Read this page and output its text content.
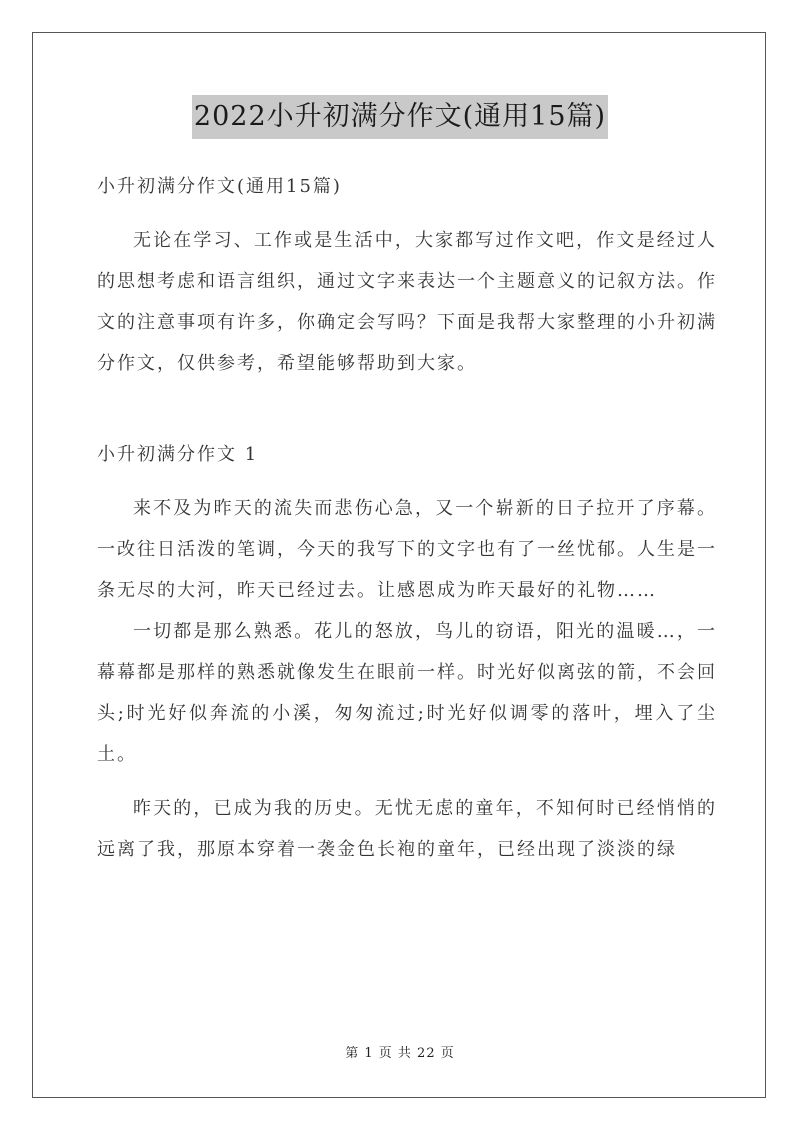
2022小升初满分作文(通用15篇)

小升初满分作文(通用15篇)

无论在学习、工作或是生活中，大家都写过作文吧，作文是经过人的思想考虑和语言组织，通过文字来表达一个主题意义的记叙方法。作文的注意事项有许多，你确定会写吗？下面是我帮大家整理的小升初满分作文，仅供参考，希望能够帮助到大家。

小升初满分作文 1

来不及为昨天的流失而悲伤心急，又一个崭新的日子拉开了序幕。一改往日活泼的笔调，今天的我写下的文字也有了一丝忧郁。人生是一条无尽的大河，昨天已经过去。让感恩成为昨天最好的礼物……

一切都是那么熟悉。花儿的怒放，鸟儿的窃语，阳光的温暖…，一幕幕都是那样的熟悉就像发生在眼前一样。时光好似离弦的箭，不会回头;时光好似奔流的小溪，匆匆流过;时光好似调零的落叶，埋入了尘土。

昨天的，已成为我的历史。无忧无虑的童年，不知何时已经悄悄的远离了我，那原本穿着一袭金色长袍的童年，已经出现了淡淡的绿

第 1 页 共 22 页
